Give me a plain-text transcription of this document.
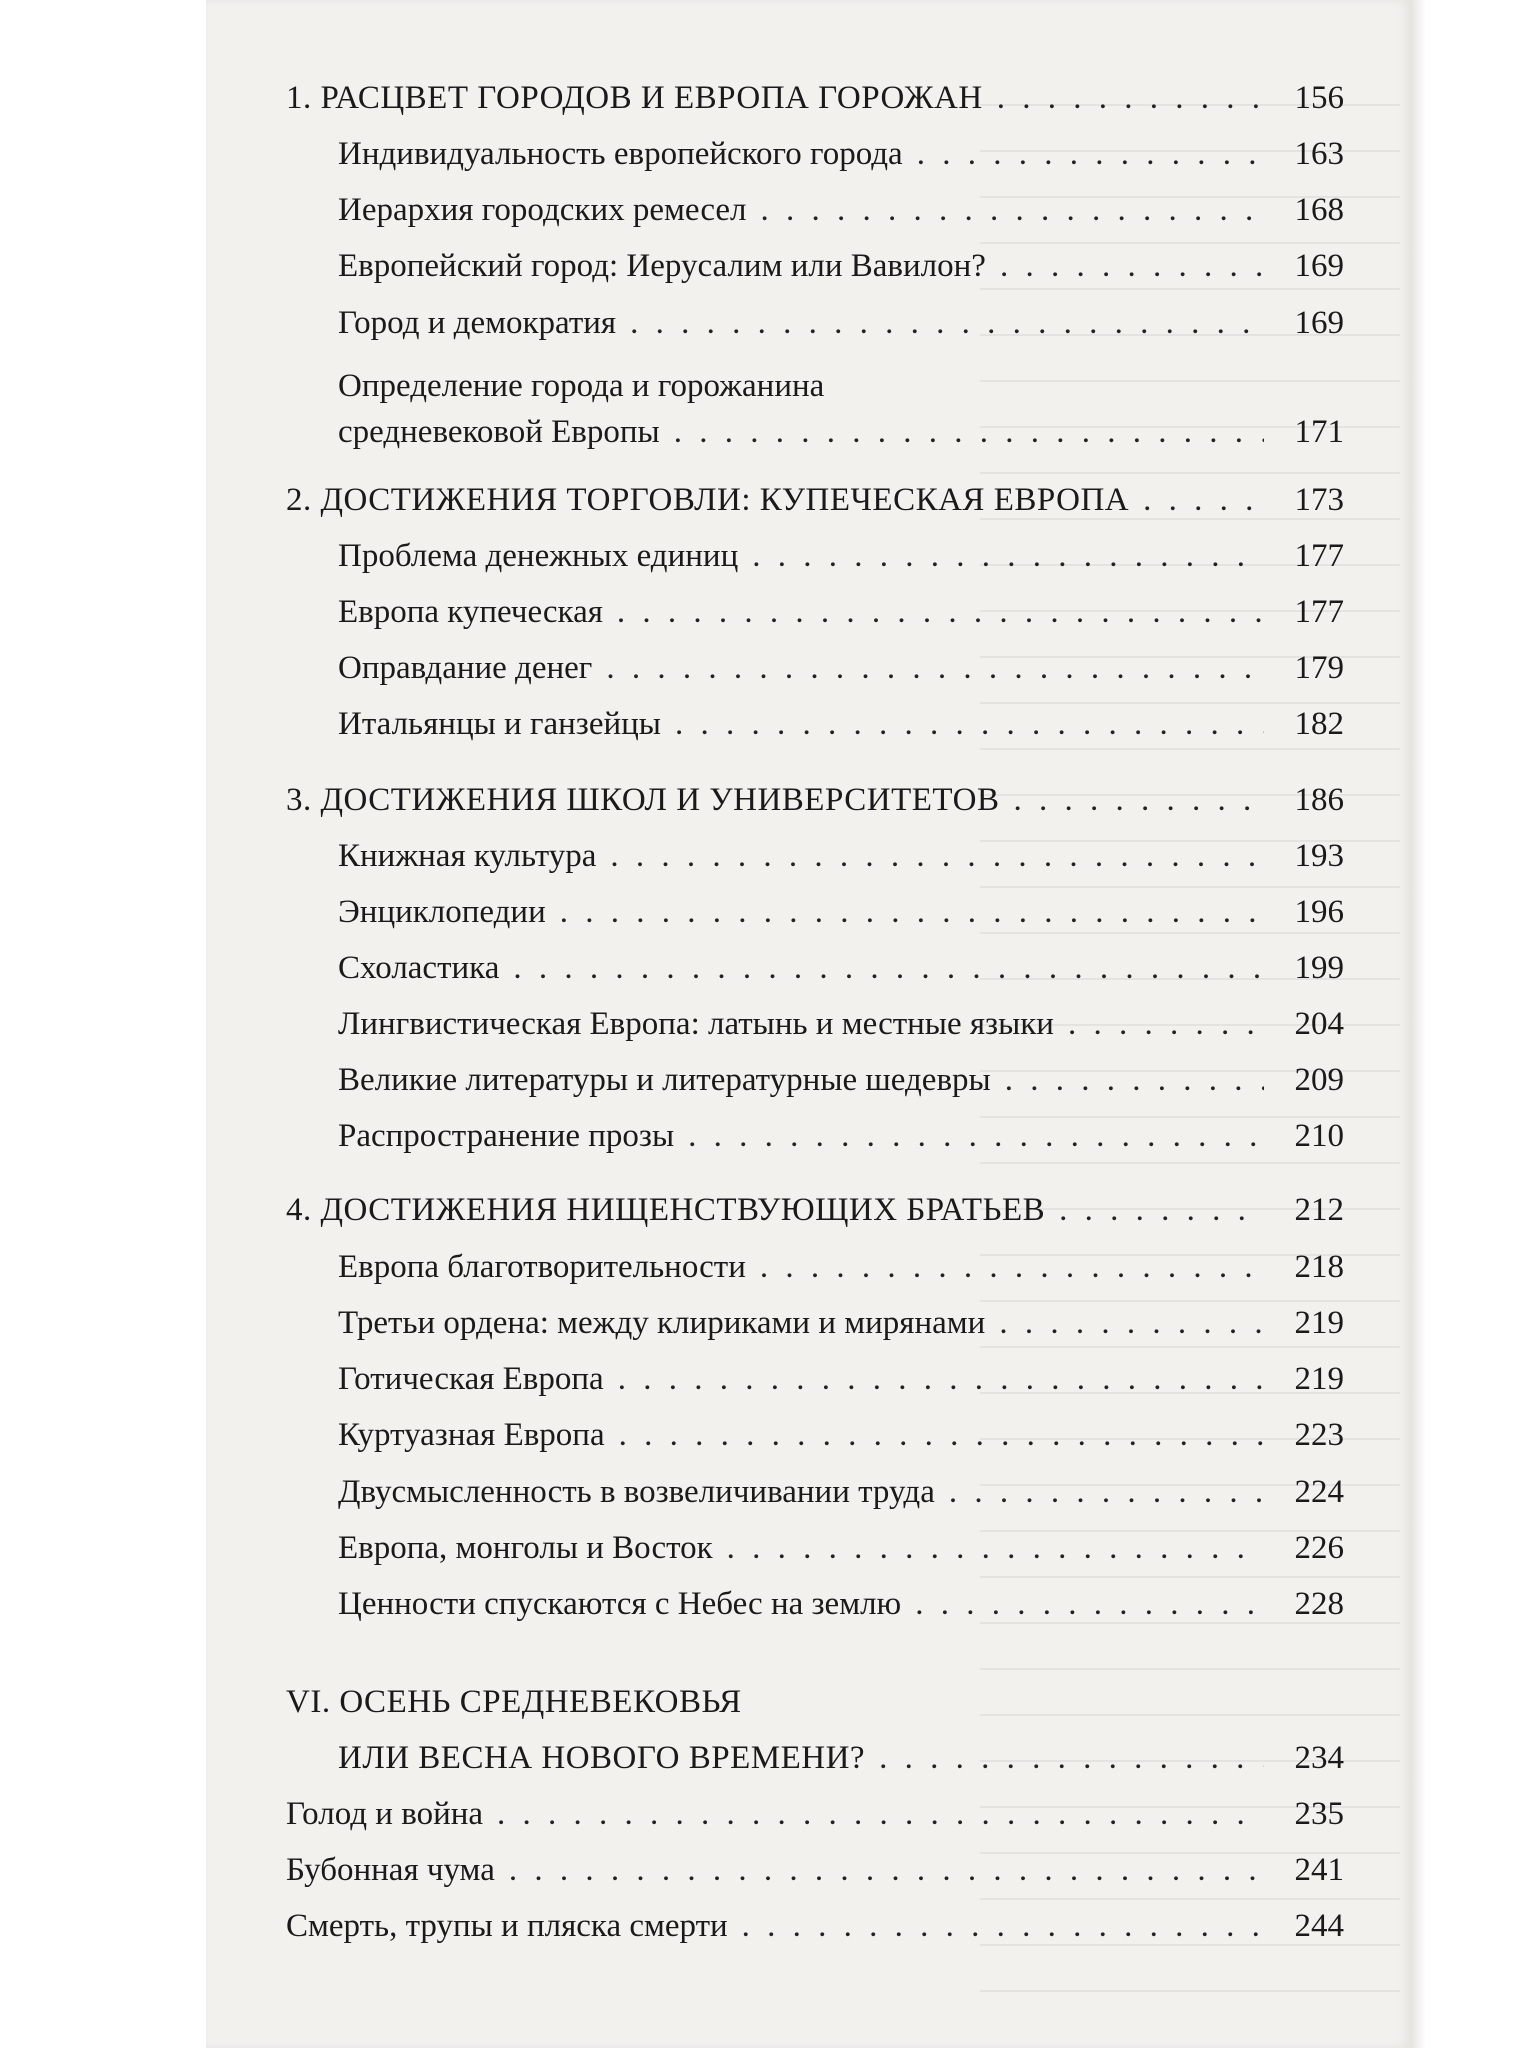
1. РАСЦВЕТ ГОРОДОВ И ЕВРОПА ГОРОЖАН . . .	156
Индивидуальность европейского города . . .	163
Иерархия городских ремесел . . .	168
Европейский город: Иерусалим или Вавилон? . . .	169
Город и демократия . . .	169
Определение города и горожанина
средневековой Европы . . .	171
2. ДОСТИЖЕНИЯ ТОРГОВЛИ: КУПЕЧЕСКАЯ ЕВРОПА . . .	173
Проблема денежных единиц . . .	177
Европа купеческая . . .	177
Оправдание денег . . .	179
Итальянцы и ганзейцы . . .	182
3. ДОСТИЖЕНИЯ ШКОЛ И УНИВЕРСИТЕТОВ . . .	186
Книжная культура . . .	193
Энциклопедии . . .	196
Схоластика . . .	199
Лингвистическая Европа: латынь и местные языки . . .	204
Великие литературы и литературные шедевры . . .	209
Распространение прозы . . .	210
4. ДОСТИЖЕНИЯ НИЩЕНСТВУЮЩИХ БРАТЬЕВ . . .	212
Европа благотворительности . . .	218
Третьи ордена: между клириками и мирянами . . .	219
Готическая Европа . . .	219
Куртуазная Европа . . .	223
Двусмысленность в возвеличивании труда . . .	224
Европа, монголы и Восток . . .	226
Ценности спускаются с Небес на землю . . .	228
VI. ОСЕНЬ СРЕДНЕВЕКОВЬЯ
ИЛИ ВЕСНА НОВОГО ВРЕМЕНИ? . . .	234
Голод и война . . .	235
Бубонная чума . . .	241
Смерть, трупы и пляска смерти . . .	244
